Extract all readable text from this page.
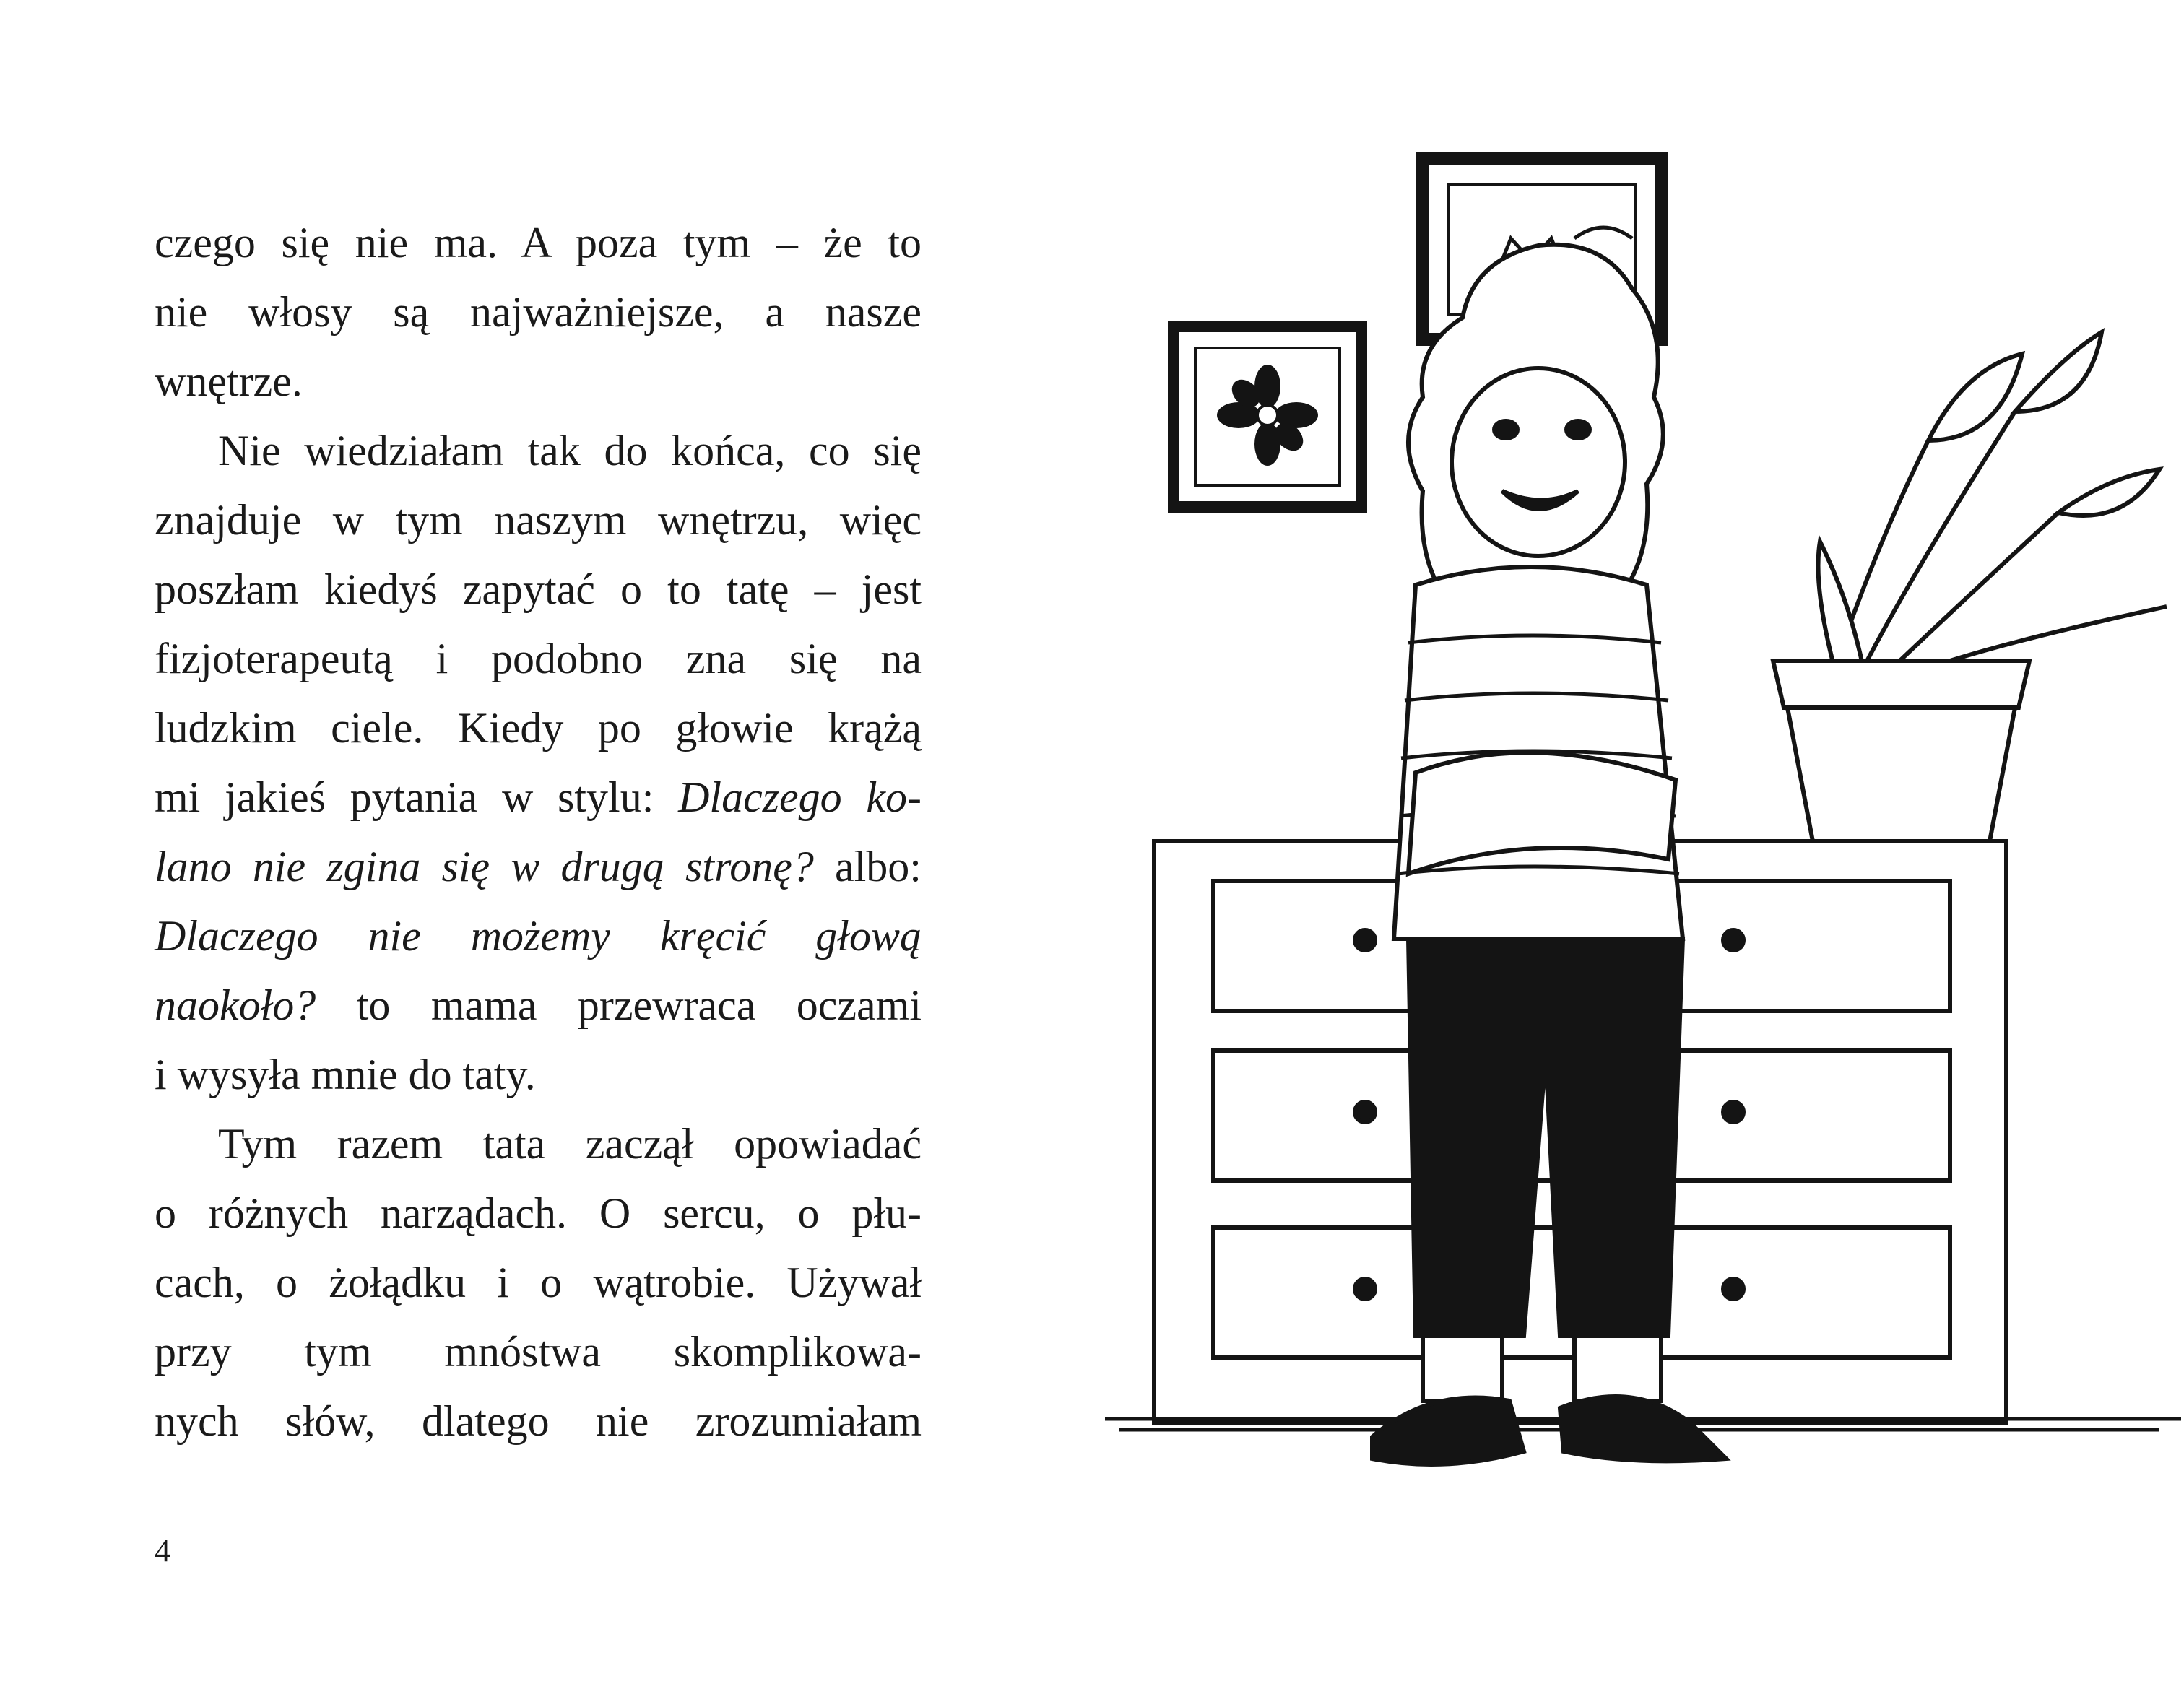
czego się nie ma. A poza tym – że to
nie włosy są najważniejsze, a nasze
wnętrze.
Nie wiedziałam tak do końca, co się
znajduje w tym naszym wnętrzu, więc
poszłam kiedyś zapytać o to tatę – jest
fizjoterapeutą i podobno zna się na
ludzkim ciele. Kiedy po głowie krążą
mi jakieś pytania w stylu: Dlaczego ko-
lano nie zgina się w drugą stronę? albo:
Dlaczego nie możemy kręcić głową
naokoło? to mama przewraca oczami
i wysyła mnie do taty.
Tym razem tata zaczął opowiadać
o różnych narządach. O sercu, o płu-
cach, o żołądku i o wątrobie. Używał
przy tym mnóstwa skomplikowa-
nych słów, dlatego nie zrozumiałam
4
